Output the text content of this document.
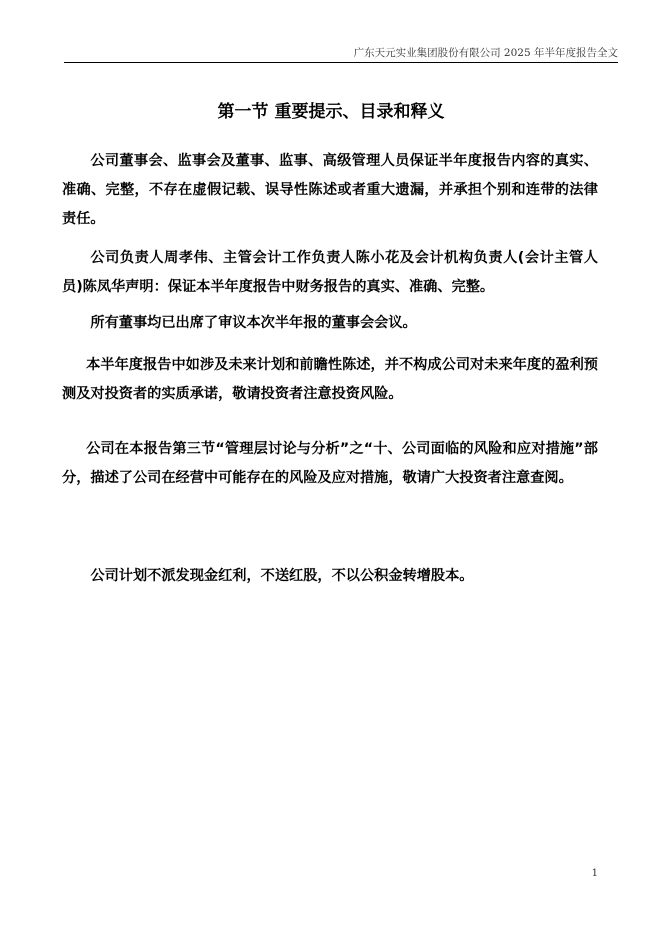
广东天元实业集团股份有限公司 2025 年半年度报告全文
第一节 重要提示、目录和释义

公司董事会、监事会及董事、监事、高级管理人员保证半年度报告内容的真实、准确、完整，不存在虚假记载、误导性陈述或者重大遗漏，并承担个别和连带的法律责任。

公司负责人周孝伟、主管会计工作负责人陈小花及会计机构负责人(会计主管人员)陈凤华声明：保证本半年度报告中财务报告的真实、准确、完整。

所有董事均已出席了审议本次半年报的董事会会议。

本半年度报告中如涉及未来计划和前瞻性陈述，并不构成公司对未来年度的盈利预测及对投资者的实质承诺，敬请投资者注意投资风险。

公司在本报告第三节“管理层讨论与分析”之“十、公司面临的风险和应对措施”部分，描述了公司在经营中可能存在的风险及应对措施，敬请广大投资者注意查阅。

公司计划不派发现金红利，不送红股，不以公积金转增股本。

1
